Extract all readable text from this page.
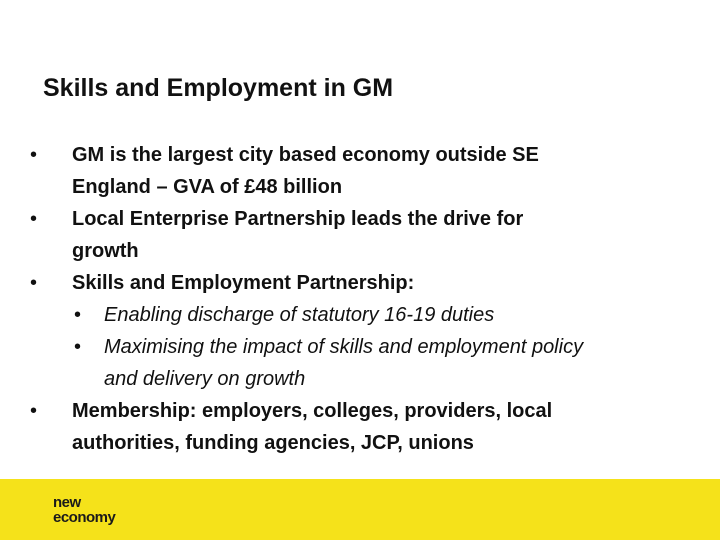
Skills and Employment in GM
•	GM is the largest city based economy outside SE
England – GVA of £48 billion
•	Local Enterprise Partnership leads the drive for
growth
•	Skills and Employment Partnership:
•	Enabling discharge of statutory 16-19 duties
•	Maximising the impact of skills and employment policy
and delivery on growth
•	Membership: employers, colleges, providers, local
authorities, funding agencies, JCP, unions
new
economy
